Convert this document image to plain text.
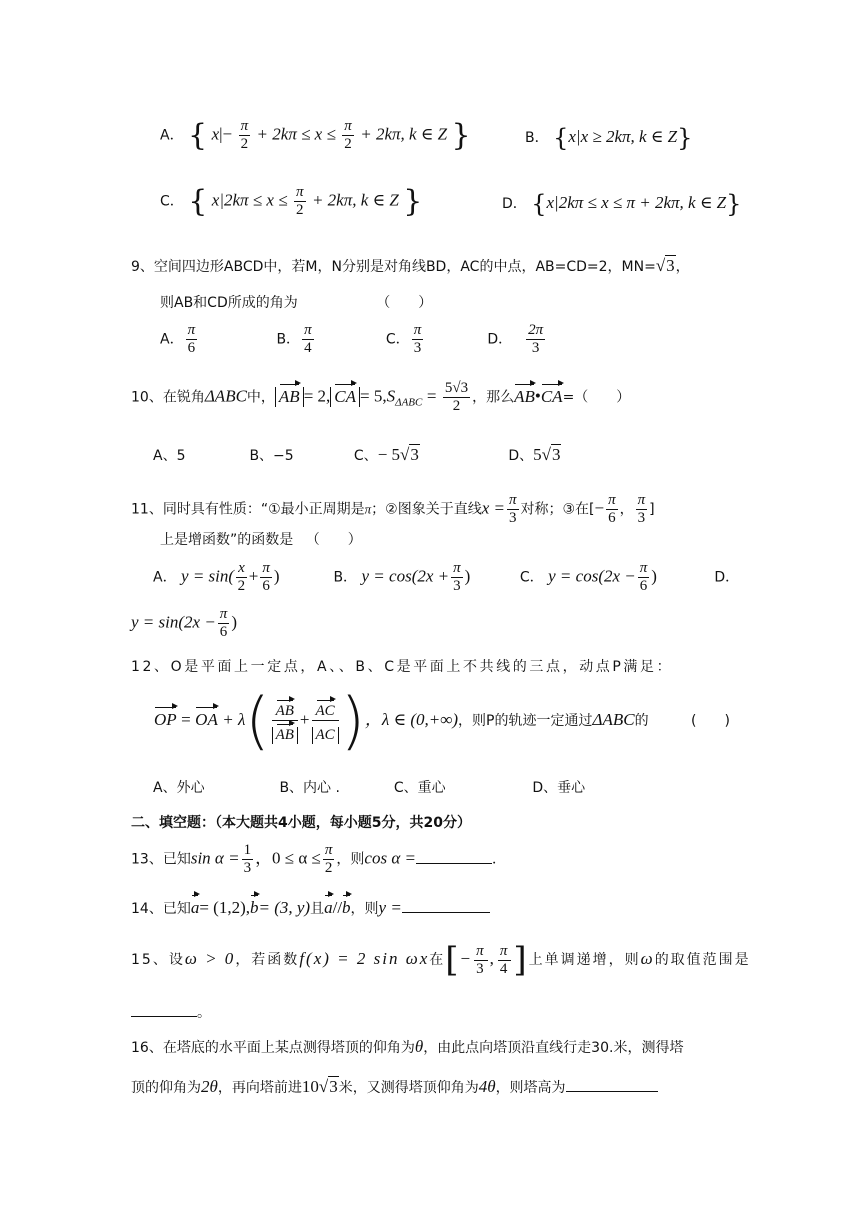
A． { $x|- \frac{\pi}{2} + 2k\pi \le x \le \frac{\pi}{2} + 2k\pi$, k ∈ Z }	B． {x|x ≥ 2kπ, k ∈ Z}
C． { $x|2k\pi \le x \le \frac{\pi}{2} + 2k\pi$, k ∈ Z }	D． {x|2kπ ≤ x ≤ π + 2kπ, k ∈ Z}
9、空间四边形ABCD中，若M，N分别是对角线BD，AC的中点，AB=CD=2，MN=√3，
则AB和CD所成的角为	（　　）
A． $\frac{\pi}{6}$	B． $\frac{\pi}{4}$	C． $\frac{\pi}{3}$	D． $\frac{2\pi}{3}$
10、在锐角ΔABC中， AB = 2, CA = $5,S_{\Delta ABC} = \frac{5√3}{2}$ ，那么AB•CA=（　　）
A、5	B、−5	C、− 5√3	D、5√3
11、同时具有性质：“①最小正周期是π；②图象关于直线$x = \frac{\pi}{3}$ 对称；③在[− $\frac{\pi}{6}$ ， $\frac{\pi}{3}$ ]
上是增函数”的函数是 （　　）
A． $y = \sin( \frac{x}{2} + \frac{\pi}{6}$ )	B． $y = \cos(2x + \frac{\pi}{3}$ )	C． $y = \cos(2x - \frac{\pi}{6}$ )	D．
$y = \sin(2x - \frac{\pi}{6}$ )
12、O是平面上一定点，A、、B、C是平面上不共线的三点，动点P满足：
OP = OA + $\lambda( \frac{AB}{AB} + \frac{AC}{AC}$ )，λ ∈ (0,+∞)，则P的轨迹一定通过ΔABC的	(　　)
A、外心	B、内心 .	C、重心	D、垂心
二、填空题：（本大题共4小题，每小题5分，共20分）
13、已知$\sin \alpha = \frac{1}{3}$ ，$0 \le \alpha \le \frac{\pi}{2}$ ，则cos α =	．
14、已知a= (1,2),b= (3, y)且a//b，则y =
15、设ω > 0，若函数f(x) = 2 sin ωx在[− $\frac{\pi}{3}$ , $\frac{\pi}{4}$ ]上单调递增，则ω的取值范围是
。
16、在塔底的水平面上某点测得塔顶的仰角为θ，由此点向塔顶沿直线行走30.米，测得塔
顶的仰角为2θ，再向塔前进10√3米，又测得塔顶仰角为4θ，则塔高为
